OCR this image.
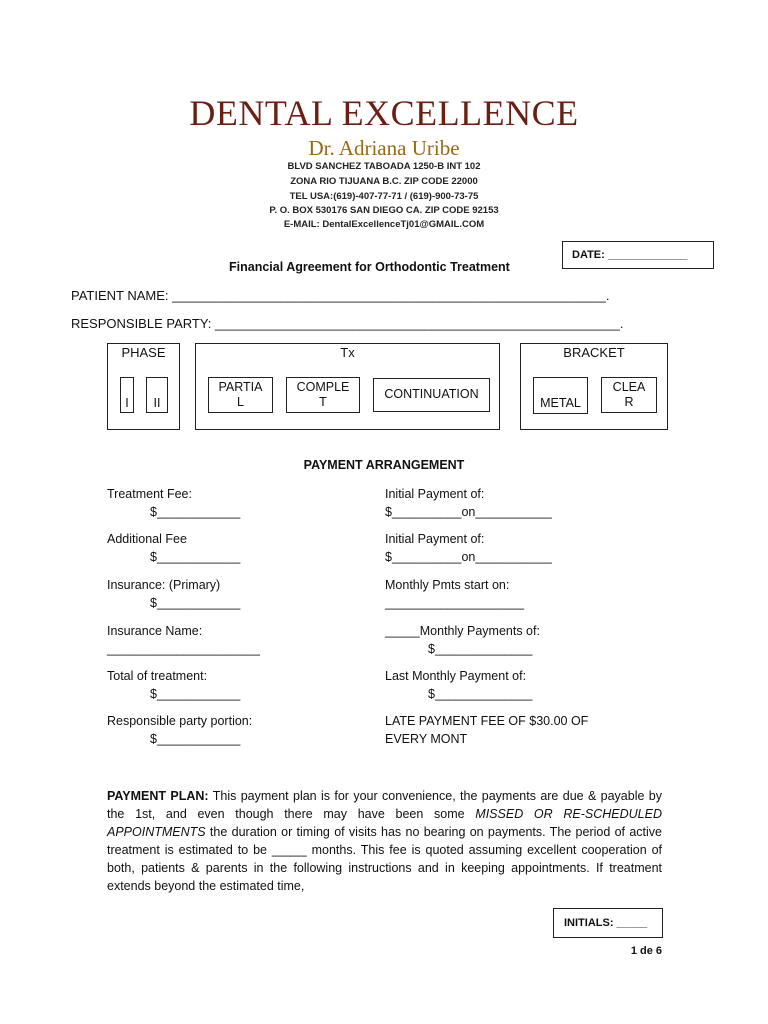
DENTAL EXCELLENCE
Dr. Adriana Uribe
BLVD SANCHEZ TABOADA 1250-B INT 102
ZONA RIO TIJUANA B.C. ZIP CODE 22000
TEL USA:(619)-407-77-71 / (619)-900-73-75
P. O. BOX 530176 SAN DIEGO CA. ZIP CODE 92153
E-MAIL: DentalExcellenceTj01@GMAIL.COM
DATE: _____________
Financial Agreement for Orthodontic Treatment
PATIENT NAME: ____________________________________________________________.
RESPONSIBLE PARTY: ________________________________________________________.
PHASE
I	II
Tx
PARTIA
L
COMPLE
T
CONTINUATION
BRACKET
METAL
CLEA
R
PAYMENT ARRANGEMENT
Treatment Fee:
$____________
Additional Fee
$____________
Insurance: (Primary)
$____________
Insurance Name:
______________________
Total of treatment:
$____________
Responsible party portion:
$____________
Initial Payment of:
$__________on___________
Initial Payment of:
$__________on___________
Monthly Pmts start on:
____________________
_____Monthly Payments of:
$______________
Last Monthly Payment of:
$______________
LATE PAYMENT FEE OF $30.00 OF
EVERY MONT
PAYMENT PLAN: This payment plan is for your convenience, the payments are due & payable by the 1st, and even though there may have been some MISSED OR RE-SCHEDULED APPOINTMENTS the duration or timing of visits has no bearing on payments. The period of active treatment is estimated to be _____ months. This fee is quoted assuming excellent cooperation of both, patients & parents in the following instructions and in keeping appointments. If treatment extends beyond the estimated time,
INITIALS: _____
1 de 6
